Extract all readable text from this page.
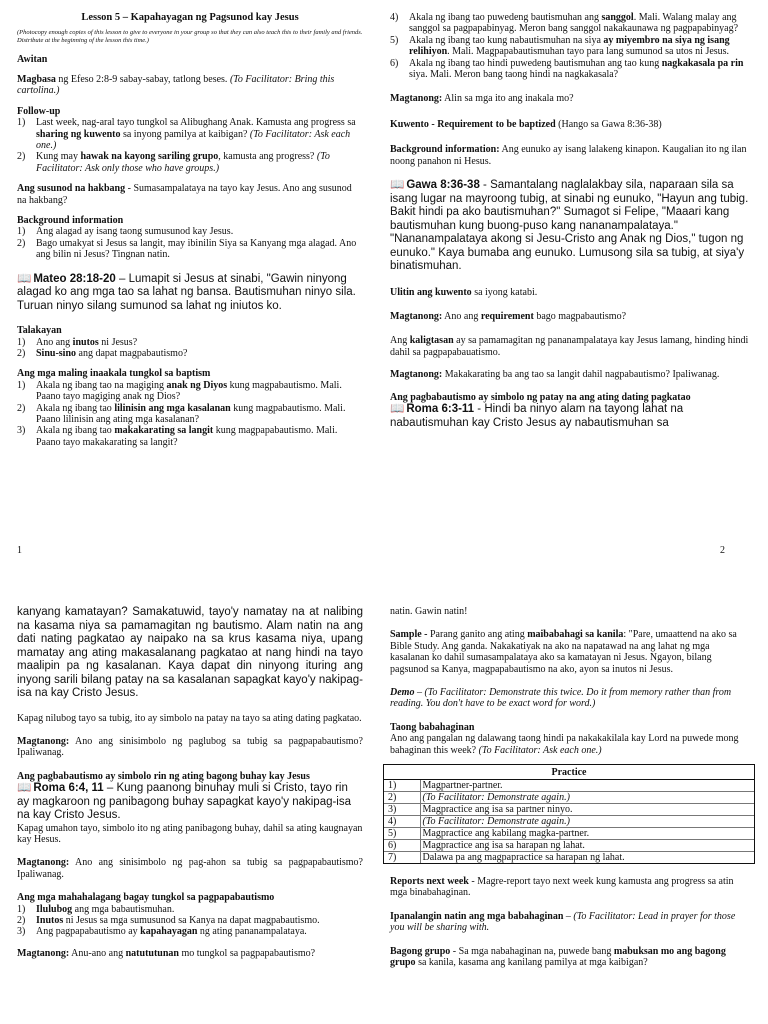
Lesson 5 – Kapahayagan ng Pagsunod kay Jesus
(Photocopy enough copies of this lesson to give to everyone in your group so that they can also teach this to their family and friends. Distribute at the beginning of the lesson this time.)
Awitan
Magbasa ng Efeso 2:8-9 sabay-sabay, tatlong beses. (To Facilitator: Bring this cartolina.)
Follow-up
1) Last week, nag-aral tayo tungkol sa Alibughang Anak. Kamusta ang progress sa sharing ng kuwento sa inyong pamilya at kaibigan? (To Facilitator: Ask each one.)
2) Kung may hawak na kayong sariling grupo, kamusta ang progress? (To Facilitator: Ask only those who have groups.)
Ang susunod na hakbang - Sumasampalataya na tayo kay Jesus. Ano ang susunod na hakbang?
Background information
1) Ang alagad ay isang taong sumusunod kay Jesus.
2) Bago umakyat si Jesus sa langit, may ibinilin Siya sa Kanyang mga alagad. Ano ang bilin ni Jesus? Tingnan natin.
📖 Mateo 28:18-20 – Lumapit si Jesus at sinabi, "Gawin ninyong alagad ko ang mga tao sa lahat ng bansa. Bautismuhan ninyo sila. Turuan ninyo silang sumunod sa lahat ng iniutos ko.
Talakayan
1) Ano ang inutos ni Jesus?
2) Sinu-sino ang dapat magpabautismo?
Ang mga maling inaakala tungkol sa baptism
1) Akala ng ibang tao na magiging anak ng Diyos kung magpabautismo. Mali. Paano tayo magiging anak ng Dios?
2) Akala ng ibang tao lilinisin ang mga kasalanan kung magpabautismo. Mali. Paano lilinisin ang ating mga kasalanan?
3) Akala ng ibang tao makakarating sa langit kung magpapabautismo. Mali. Paano tayo makakarating sa langit?
1
4) Akala ng ibang tao puwedeng bautismuhan ang sanggol. Mali. Walang malay ang sanggol sa pagpapabinyag. Meron bang sanggol nakakaunawa ng pagpapabinyag?
5) Akala ng ibang tao kung nabautismuhan na siya ay miyembro na siya ng isang relihiyon. Mali. Magpapabautismuhan tayo para lang sumunod sa utos ni Jesus.
6) Akala ng ibang tao hindi puwedeng bautismuhan ang tao kung nagkakasala pa rin siya. Mali. Meron bang taong hindi na nagkakasala?
Magtanong: Alin sa mga ito ang inakala mo?
Kuwento - Requirement to be baptized (Hango sa Gawa 8:36-38)
Background information: Ang eunuko ay isang lalakeng kinapon. Kaugalian ito ng ilan noong panahon ni Hesus.
📖 Gawa 8:36-38 - Samantalang naglalakbay sila, naparaan sila sa isang lugar na mayroong tubig, at sinabi ng eunuko, "Hayun ang tubig. Bakit hindi pa ako bautismuhan?" Sumagot si Felipe, "Maaari kang bautismuhan kung buong-puso kang nananampalataya." "Nananampalataya akong si Jesu-Cristo ang Anak ng Dios," tugon ng eunuko." Kaya bumaba ang eunuko. Lumusong sila sa tubig, at siya'y binatismuhan.
Ulitin ang kuwento sa iyong katabi.
Magtanong: Ano ang requirement bago magpabautismo?
Ang kaligtasan ay sa pamamagitan ng pananampalataya kay Jesus lamang, hinding hindi dahil sa pagpapabauatismo.
Magtanong: Makakarating ba ang tao sa langit dahil nagpabautismo? Ipaliwanag.
Ang pagbabautismo ay simbolo ng patay na ang ating dating pagkatao
📖 Roma 6:3-11 - Hindi ba ninyo alam na tayong lahat na nabautismuhan kay Cristo Jesus ay nabautismuhan sa
2
kanyang kamatayan? Samakatuwid, tayo'y namatay na at nalibing na kasama niya sa pamamagitan ng bautismo. Alam natin na ang dati nating pagkatao ay naipako na sa krus kasama niya, upang mamatay ang ating makasalanang pagkatao at nang hindi na tayo maalipin pa ng kasalanan. Kaya dapat din ninyong ituring ang inyong sarili bilang patay na sa kasalanan sapagkat kayo'y nakipag-isa na kay Cristo Jesus.
Kapag nilubog tayo sa tubig, ito ay simbolo na patay na tayo sa ating dating pagkatao.
Magtanong: Ano ang sinisimbolo ng paglubog sa tubig sa pagpapabautismo? Ipaliwanag.
Ang pagbabautismo ay simbolo rin ng ating bagong buhay kay Jesus
📖 Roma 6:4, 11 – Kung paanong binuhay muli si Cristo, tayo rin ay magkaroon ng panibagong buhay sapagkat kayo'y nakipag-isa na kay Cristo Jesus.
Kapag umahon tayo, simbolo ito ng ating panibagong buhay, dahil sa ating kaugnayan kay Hesus.
Magtanong: Ano ang sinisimbolo ng pag-ahon sa tubig sa pagpapabautismo? Ipaliwanag.
Ang mga mahahalagang bagay tungkol sa pagpapabautismo
1) Ilulubog ang mga babautismuhan.
2) Inutos ni Jesus sa mga sumusunod sa Kanya na dapat magpabautismo.
3) Ang pagpapabautismo ay kapahayagan ng ating pananampalataya.
Magtanong: Anu-ano ang natututunan mo tungkol sa pagpapabautismo?
natin. Gawin natin!
Sample - Parang ganito ang ating maibabahagi sa kanila: "Pare, umaattend na ako sa Bible Study. Ang ganda. Nakakatiyak na ako na napatawad na ang lahat ng mga kasalanan ko dahil sumasampalataya ako sa kamatayan ni Jesus. Ngayon, bilang pagsunod sa Kanya, magpapabautismo na ako, ayon sa inutos ni Jesus.
Demo – (To Facilitator: Demonstrate this twice. Do it from memory rather than from reading. You don't have to be exact word for word.)
Taong babahaginan
Ano ang pangalan ng dalawang taong hindi pa nakakakilala kay Lord na puwede mong bahaginan this week? (To Facilitator: Ask each one.)
Practice
1)	Magpartner-partner.
2)	(To Facilitator: Demonstrate again.)
3)	Magpractice ang isa sa partner ninyo.
4)	(To Facilitator: Demonstrate again.)
5)	Magpractice ang kabilang magka-partner.
6)	Magpractice ang isa sa harapan ng lahat.
7)	Dalawa pa ang magpapractice sa harapan ng lahat.
Reports next week - Magre-report tayo next week kung kamusta ang progress sa atin mga binabahaginan.
Ipanalangin natin ang mga babahaginan – (To Facilitator: Lead in prayer for those you will be sharing with.
Bagong grupo - Sa mga nabahaginan na, puwede bang mabuksan mo ang bagong grupo sa kanila, kasama ang kanilang pamilya at mga kaibigan?
